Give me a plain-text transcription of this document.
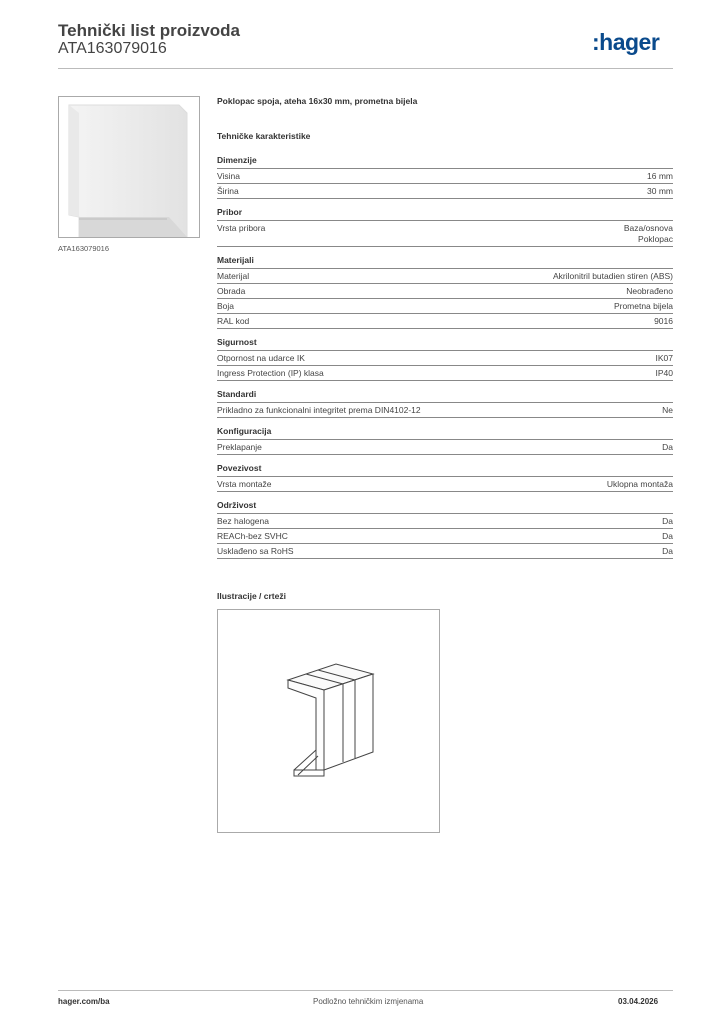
Tehnički list proizvoda
ATA163079016	:hager
ATA163079016
Poklopac spoja, ateha 16x30 mm, prometna bijela
Tehničke karakteristike
Dimenzije
Visina	16 mm
Širina	30 mm
Pribor
Vrsta pribora	Baza/osnova
Poklopac
Materijali
Materijal	Akrilonitril butadien stiren (ABS)
Obrada	Neobrađeno
Boja	Prometna bijela
RAL kod	9016
Sigurnost
Otpornost na udarce IK	IK07
Ingress Protection (IP) klasa	IP40
Standardi
Prikladno za funkcionalni integritet prema DIN4102-12	Ne
Konfiguracija
Preklapanje	Da
Povezivost
Vrsta montaže	Uklopna montaža
Održivost
Bez halogena	Da
REACh-bez SVHC	Da
Usklađeno sa RoHS	Da
Ilustracije / crteži
hager.com/ba	Podložno tehničkim izmjenama	03.04.2026
